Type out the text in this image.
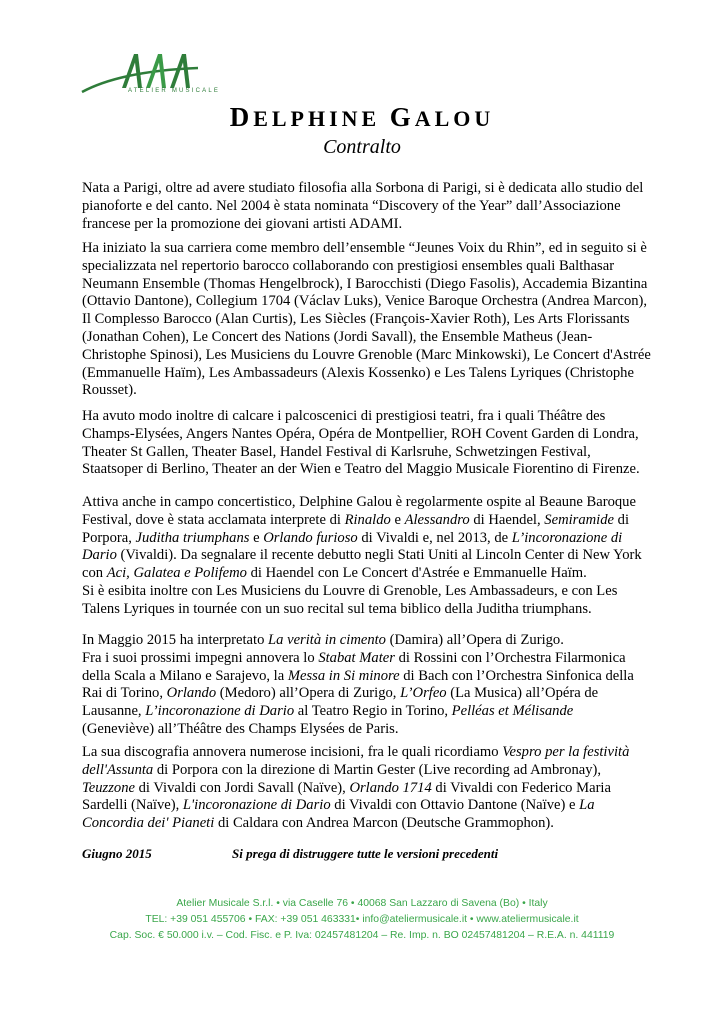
ATELIER MUSICALE
DELPHINE GALOU
Contralto
Nata a Parigi, oltre ad avere studiato filosofia alla Sorbona di Parigi, si è dedicata allo studio del
pianoforte e del canto. Nel 2004 è stata nominata “Discovery of the Year” dall’Associazione
francese per la promozione dei giovani artisti ADAMI.
Ha iniziato la sua carriera come membro dell’ensemble “Jeunes Voix du Rhin”, ed in seguito si è
specializzata nel repertorio barocco collaborando con prestigiosi ensembles quali Balthasar
Neumann Ensemble (Thomas Hengelbrock), I Barocchisti (Diego Fasolis), Accademia Bizantina
(Ottavio Dantone), Collegium 1704 (Václav Luks), Venice Baroque Orchestra (Andrea Marcon),
Il Complesso Barocco (Alan Curtis), Les Siècles (François-Xavier Roth), Les Arts Florissants
(Jonathan Cohen), Le Concert des Nations (Jordi Savall), the Ensemble Matheus (Jean-
Christophe Spinosi), Les Musiciens du Louvre Grenoble (Marc Minkowski), Le Concert d'Astrée
(Emmanuelle Haïm), Les Ambassadeurs (Alexis Kossenko) e Les Talens Lyriques (Christophe
Rousset).
Ha avuto modo inoltre di calcare i palcoscenici di prestigiosi teatri, fra i quali Théâtre des
Champs-Elysées, Angers Nantes Opéra, Opéra de Montpellier, ROH Covent Garden di Londra,
Theater St Gallen, Theater Basel, Handel Festival di Karlsruhe, Schwetzingen Festival,
Staatsoper di Berlino, Theater an der Wien e Teatro del Maggio Musicale Fiorentino di Firenze.
Attiva anche in campo concertistico, Delphine Galou è regolarmente ospite al Beaune Baroque
Festival, dove è stata acclamata interprete di Rinaldo e Alessandro di Haendel, Semiramide di
Porpora, Juditha triumphans e Orlando furioso di Vivaldi e, nel 2013, de L’incoronazione di
Dario (Vivaldi). Da segnalare il recente debutto negli Stati Uniti al Lincoln Center di New York
con Aci, Galatea e Polifemo di Haendel con Le Concert d'Astrée e Emmanuelle Haïm.
Si è esibita inoltre con Les Musiciens du Louvre di Grenoble, Les Ambassadeurs, e con Les
Talens Lyriques in tournée con un suo recital sul tema biblico della Juditha triumphans.
In Maggio 2015 ha interpretato La verità in cimento (Damira) all’Opera di Zurigo.
Fra i suoi prossimi impegni annovera lo Stabat Mater di Rossini con l’Orchestra Filarmonica
della Scala a Milano e Sarajevo, la Messa in Si minore di Bach con l’Orchestra Sinfonica della
Rai di Torino, Orlando (Medoro) all’Opera di Zurigo, L’Orfeo (La Musica) all’Opéra de
Lausanne, L’incoronazione di Dario al Teatro Regio in Torino, Pelléas et Mélisande
(Geneviève) all’Théâtre des Champs Elysées de Paris.
La sua discografia annovera numerose incisioni, fra le quali ricordiamo Vespro per la festività
dell'Assunta di Porpora con la direzione di Martin Gester (Live recording ad Ambronay),
Teuzzone di Vivaldi con Jordi Savall (Naïve), Orlando 1714 di Vivaldi con Federico Maria
Sardelli (Naïve), L'incoronazione di Dario di Vivaldi con Ottavio Dantone (Naïve) e La
Concordia dei' Pianeti di Caldara con Andrea Marcon (Deutsche Grammophon).
Giugno 2015	Si prega di distruggere tutte le versioni precedenti
Atelier Musicale S.r.l. • via Caselle 76 • 40068 San Lazzaro di Savena (Bo) • Italy
TEL: +39 051 455706 • FAX: +39 051 463331• info@ateliermusicale.it • www.ateliermusicale.it
Cap. Soc. € 50.000 i.v. – Cod. Fisc. e P. Iva: 02457481204 – Re. Imp. n. BO 02457481204 – R.E.A. n. 441119
